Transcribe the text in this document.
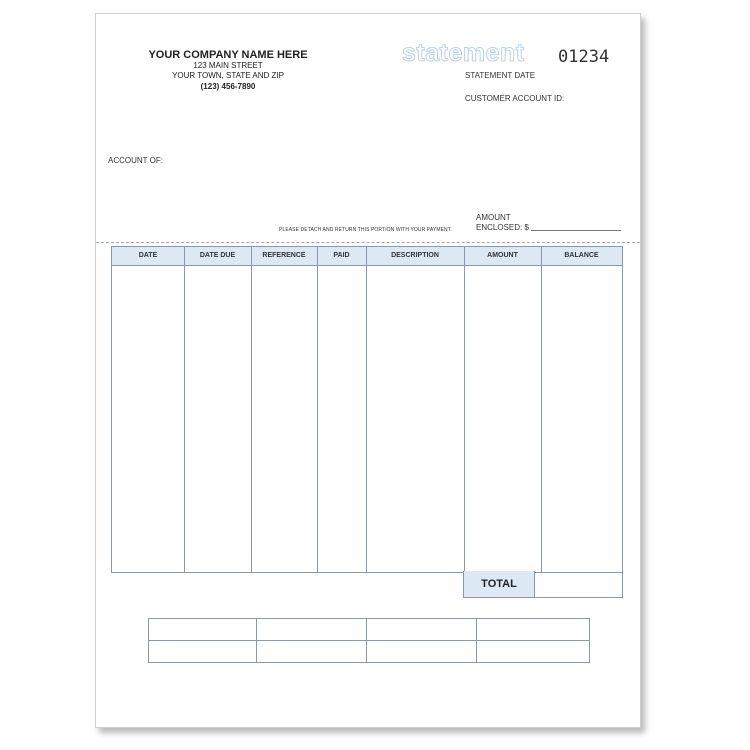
YOUR COMPANY NAME HERE
123 MAIN STREET
YOUR TOWN, STATE AND ZIP
(123) 456-7890
statement 01234
STATEMENT DATE
CUSTOMER ACCOUNT ID:
ACCOUNT OF:
AMOUNT
ENCLOSED: $
PLEASE DETACH AND RETURN THIS PORTION WITH YOUR PAYMENT.
DATE	DATE DUE	REFERENCE	PAID	DESCRIPTION	AMOUNT	BALANCE
TOTAL
